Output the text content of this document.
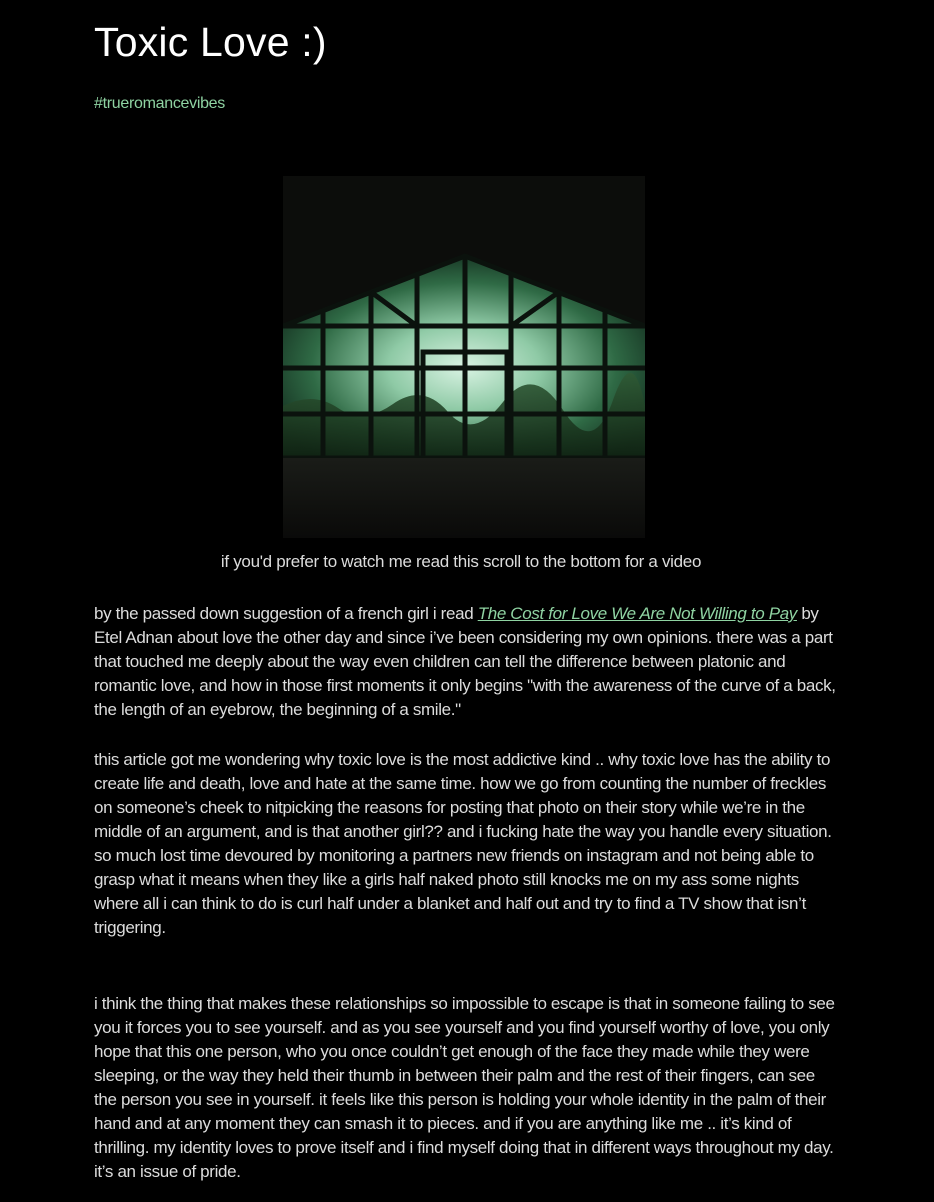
Toxic Love :)
#trueromancevibes
if you'd prefer to watch me read this scroll to the bottom for a video

by the passed down suggestion of a french girl i read The Cost for Love We Are Not Willing to Pay by Etel Adnan about love the other day and since i’ve been considering my own opinions. there was a part that touched me deeply about the way even children can tell the difference between platonic and romantic love, and how in those first moments it only begins "with the awareness of the curve of a back, the length of an eyebrow, the beginning of a smile."

this article got me wondering why toxic love is the most addictive kind .. why toxic love has the ability to create life and death, love and hate at the same time. how we go from counting the number of freckles on someone’s cheek to nitpicking the reasons for posting that photo on their story while we’re in the middle of an argument, and is that another girl?? and i fucking hate the way you handle every situation. so much lost time devoured by monitoring a partners new friends on instagram and not being able to grasp what it means when they like a girls half naked photo still knocks me on my ass some nights where all i can think to do is curl half under a blanket and half out and try to find a TV show that isn’t triggering.

i think the thing that makes these relationships so impossible to escape is that in someone failing to see you it forces you to see yourself. and as you see yourself and you find yourself worthy of love, you only hope that this one person, who you once couldn’t get enough of the face they made while they were sleeping, or the way they held their thumb in between their palm and the rest of their fingers, can see the person you see in yourself. it feels like this person is holding your whole identity in the palm of their hand and at any moment they can smash it to pieces. and if you are anything like me .. it’s kind of thrilling. my identity loves to prove itself and i find myself doing that in different ways throughout my day. it’s an issue of pride.
